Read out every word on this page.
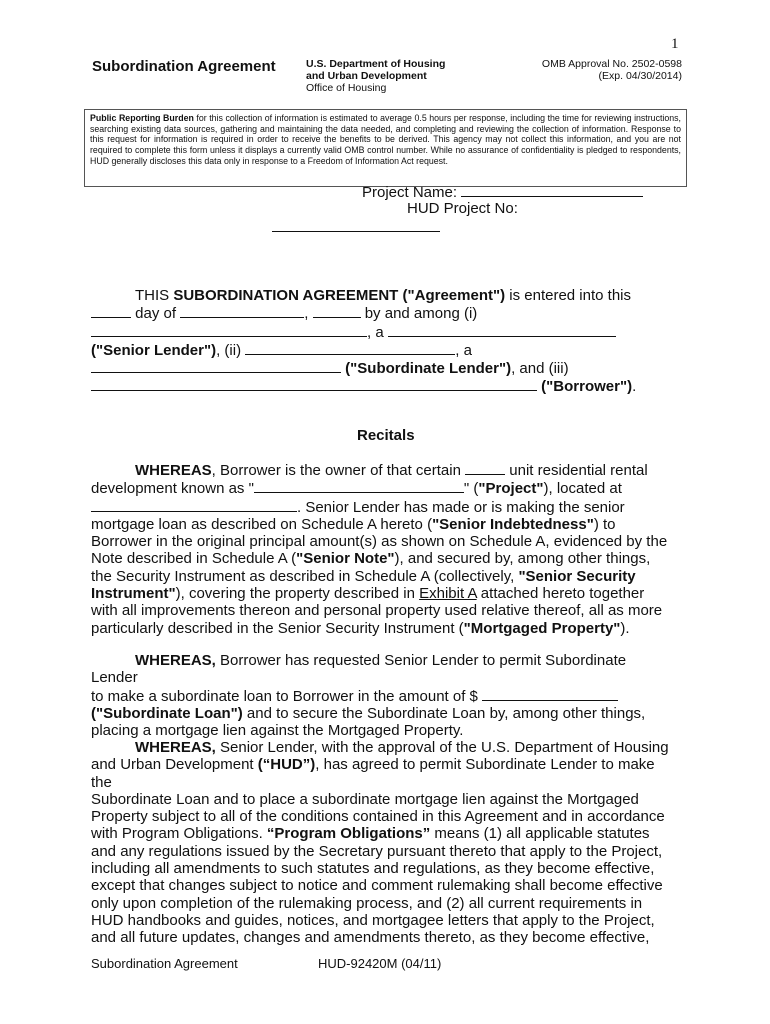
1
Subordination Agreement	U.S. Department of Housing
and Urban Development
Office of Housing
OMB Approval No. 2502-0598
(Exp. 04/30/2014)
Public Reporting Burden for this collection of information is estimated to average 0.5 hours per response, including the time for reviewing instructions, searching existing data sources, gathering and maintaining the data needed, and completing and reviewing the collection of information. Response to this request for information is required in order to receive the benefits to be derived. This agency may not collect this information, and you are not required to complete this form unless it displays a currently valid OMB control number. While no assurance of confidentiality is pledged to respondents, HUD generally discloses this data only in response to a Freedom of Information Act request.
Project Name:
HUD Project No:
THIS SUBORDINATION AGREEMENT ("Agreement") is entered into this
day of	,	by and among (i)
, a
("Senior Lender"), (ii)	, a
("Subordinate Lender"), and (iii)
("Borrower").
Recitals
WHEREAS, Borrower is the owner of that certain	unit residential rental
development known as "	" ("Project"), located at
. Senior Lender has made or is making the senior
mortgage loan as described on Schedule A hereto ("Senior Indebtedness") to
Borrower in the original principal amount(s) as shown on Schedule A, evidenced by the
Note described in Schedule A ("Senior Note"), and secured by, among other things,
the Security Instrument as described in Schedule A (collectively, "Senior Security
Instrument"), covering the property described in Exhibit A attached hereto together
with all improvements thereon and personal property used relative thereof, all as more
particularly described in the Senior Security Instrument ("Mortgaged Property").
WHEREAS, Borrower has requested Senior Lender to permit Subordinate Lender
to make a subordinate loan to Borrower in the amount of $
("Subordinate Loan") and to secure the Subordinate Loan by, among other things,
placing a mortgage lien against the Mortgaged Property.
WHEREAS, Senior Lender, with the approval of the U.S. Department of Housing
and Urban Development (“HUD”), has agreed to permit Subordinate Lender to make the
Subordinate Loan and to place a subordinate mortgage lien against the Mortgaged
Property subject to all of the conditions contained in this Agreement and in accordance
with Program Obligations. “Program Obligations” means (1) all applicable statutes
and any regulations issued by the Secretary pursuant thereto that apply to the Project,
including all amendments to such statutes and regulations, as they become effective,
except that changes subject to notice and comment rulemaking shall become effective
only upon completion of the rulemaking process, and (2) all current requirements in
HUD handbooks and guides, notices, and mortgagee letters that apply to the Project,
and all future updates, changes and amendments thereto, as they become effective,
Subordination Agreement	HUD-92420M (04/11)
